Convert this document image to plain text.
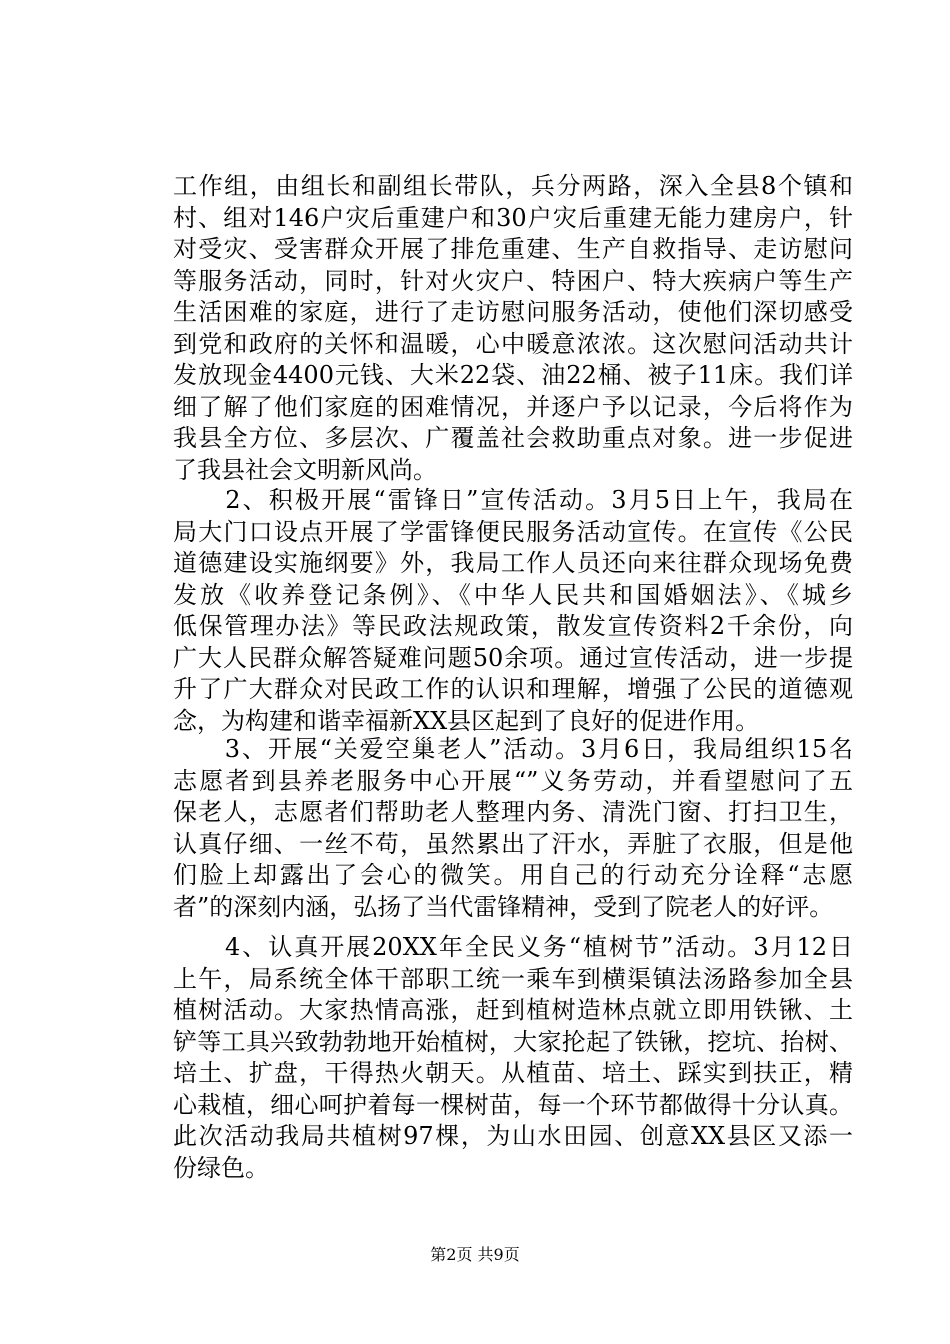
工作组，由组长和副组长带队，兵分两路，深入全县8个镇和
村、组对146户灾后重建户和30户灾后重建无能力建房户，针
对受灾、受害群众开展了排危重建、生产自救指导、走访慰问
等服务活动，同时，针对火灾户、特困户、特大疾病户等生产
生活困难的家庭，进行了走访慰问服务活动，使他们深切感受
到党和政府的关怀和温暖，心中暖意浓浓。这次慰问活动共计
发放现金4400元钱、大米22袋、油22桶、被子11床。我们详
细了解了他们家庭的困难情况，并逐户予以记录，今后将作为
我县全方位、多层次、广覆盖社会救助重点对象。进一步促进
了我县社会文明新风尚。
　　2、积极开展“雷锋日”宣传活动。3月5日上午，我局在
局大门口设点开展了学雷锋便民服务活动宣传。在宣传《公民
道德建设实施纲要》外，我局工作人员还向来往群众现场免费
发放《收养登记条例》、《中华人民共和国婚姻法》、《城乡
低保管理办法》等民政法规政策，散发宣传资料2千余份，向
广大人民群众解答疑难问题50余项。通过宣传活动，进一步提
升了广大群众对民政工作的认识和理解，增强了公民的道德观
念，为构建和谐幸福新XX县区起到了良好的促进作用。
　　3、开展“关爱空巢老人”活动。3月6日，我局组织15名
志愿者到县养老服务中心开展“”义务劳动，并看望慰问了五
保老人，志愿者们帮助老人整理内务、清洗门窗、打扫卫生，
认真仔细、一丝不苟，虽然累出了汗水，弄脏了衣服，但是他
们脸上却露出了会心的微笑。用自己的行动充分诠释“志愿
者”的深刻内涵，弘扬了当代雷锋精神，受到了院老人的好评。
　　4、认真开展20XX年全民义务“植树节”活动。3月12日
上午，局系统全体干部职工统一乘车到横渠镇法汤路参加全县
植树活动。大家热情高涨，赶到植树造林点就立即用铁锹、土
铲等工具兴致勃勃地开始植树，大家抡起了铁锹，挖坑、抬树、
培土、扩盘，干得热火朝天。从植苗、培土、踩实到扶正，精
心栽植，细心呵护着每一棵树苗，每一个环节都做得十分认真。
此次活动我局共植树97棵，为山水田园、创意XX县区又添一
份绿色。
第2页 共9页
